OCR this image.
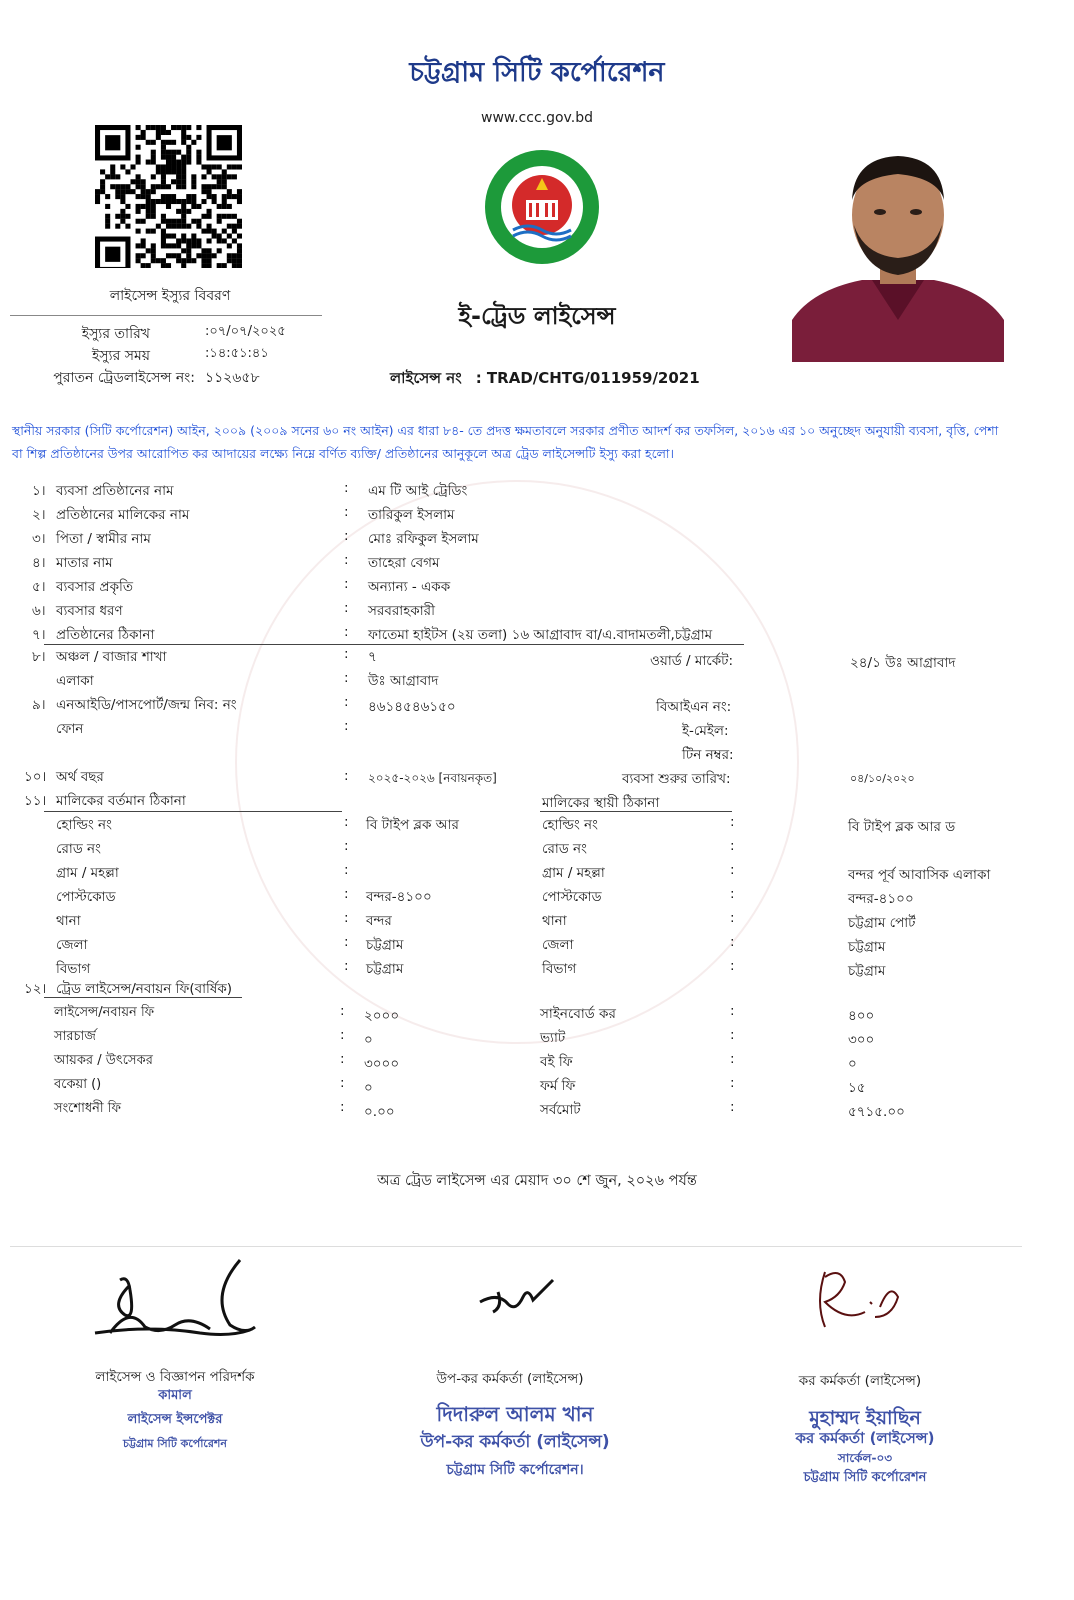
চট্টগ্রাম সিটি কর্পোরেশন
www.ccc.gov.bd
লাইসেন্স ইস্যুর বিবরণ
ইস্যুর তারিখ	:০৭/০৭/২০২৫
ইস্যুর সময়	:১৪:৫১:৪১
পুরাতন ট্রেডলাইসেন্স নং: ১১২৬৫৮
ই-ট্রেড লাইসেন্স
লাইসেন্স নং : TRAD/CHTG/011959/2021
স্থানীয় সরকার (সিটি কর্পোরেশন) আইন, ২০০৯ (২০০৯ সনের ৬০ নং আইন) এর ধারা ৮৪- তে প্রদত্ত ক্ষমতাবলে সরকার প্রণীত আদর্শ কর তফসিল, ২০১৬ এর ১০ অনুচ্ছেদ অনুযায়ী ব্যবসা, বৃত্তি, পেশা বা শিল্প প্রতিষ্ঠানের উপর আরোপিত কর আদায়ের লক্ষ্যে নিম্নে বর্ণিত ব্যক্তি/ প্রতিষ্ঠানের আনুকূলে অত্র ট্রেড লাইসেন্সটি ইস্যু করা হলো।
১। ব্যবসা প্রতিষ্ঠানের নাম	: এম টি আই ট্রেডিং
২। প্রতিষ্ঠানের মালিকের নাম	: তারিকুল ইসলাম
৩। পিতা / স্বামীর নাম	: মোঃ রফিকুল ইসলাম
৪। মাতার নাম	: তাহেরা বেগম
৫। ব্যবসার প্রকৃতি	: অন্যান্য - একক
৬। ব্যবসার ধরণ	: সরবরাহকারী
৭। প্রতিষ্ঠানের ঠিকানা	: ফাতেমা হাইটস (২য় তলা) ১৬ আগ্রাবাদ বা/এ.বাদামতলী,চট্টগ্রাম
৮। অঞ্চল / বাজার শাখা	: ৭	ওয়ার্ড / মার্কেট:	২৪/১ উঃ আগ্রাবাদ
এলাকা	: উঃ আগ্রাবাদ
৯। এনআইডি/পাসপোর্ট/জন্ম নিব: নং	: ৪৬১৪৫৪৬১৫০	বিআইএন নং:
ফোন	:	ই-মেইল:
টিন নম্বর:
১০। অর্থ বছর	: ২০২৫-২০২৬ [নবায়নকৃত]	ব্যবসা শুরুর তারিখ:	০৪/১০/২০২০
১১। মালিকের বর্তমান ঠিকানা	মালিকের স্থায়ী ঠিকানা
হোল্ডিং নং	: বি টাইপ ব্লক আর	হোল্ডিং নং	:	বি টাইপ ব্লক আর ড
রোড নং	:	রোড নং	:
গ্রাম / মহল্লা	:	গ্রাম / মহল্লা	:	বন্দর পূর্ব আবাসিক এলাকা
পোস্টকোড	: বন্দর-৪১০০	পোস্টকোড	:	বন্দর-৪১০০
থানা	: বন্দর	থানা	:	চট্টগ্রাম পোর্ট
জেলা	: চট্টগ্রাম	জেলা	:	চট্টগ্রাম
বিভাগ	: চট্টগ্রাম	বিভাগ	:	চট্টগ্রাম
১২। ট্রেড লাইসেন্স/নবায়ন ফি(বার্ষিক)
লাইসেন্স/নবায়ন ফি	: ২০০০	সাইনবোর্ড কর	:	৪০০
সারচার্জ	: ০	ভ্যাট	:	৩০০
আয়কর / উৎসেকর	: ৩০০০	বই ফি	:	০
বকেয়া ()	: ০	ফর্ম ফি	:	১৫
সংশোধনী ফি	: ০.০০	সর্বমোট	:	৫৭১৫.০০
অত্র ট্রেড লাইসেন্স এর মেয়াদ ৩০ শে জুন, ২০২৬ পর্যন্ত
লাইসেন্স ও বিজ্ঞাপন পরিদর্শক	উপ-কর কর্মকর্তা (লাইসেন্স)	কর কর্মকর্তা (লাইসেন্স)
কামাল
লাইসেন্স ইন্সপেক্টর
চট্টগ্রাম সিটি কর্পোরেশন
দিদারুল আলম খান
উপ-কর কর্মকর্তা (লাইসেন্স)
চট্টগ্রাম সিটি কর্পোরেশন।
মুহাম্মদ ইয়াছিন
কর কর্মকর্তা (লাইসেন্স)
সার্কেল-০৩
চট্টগ্রাম সিটি কর্পোরেশন
